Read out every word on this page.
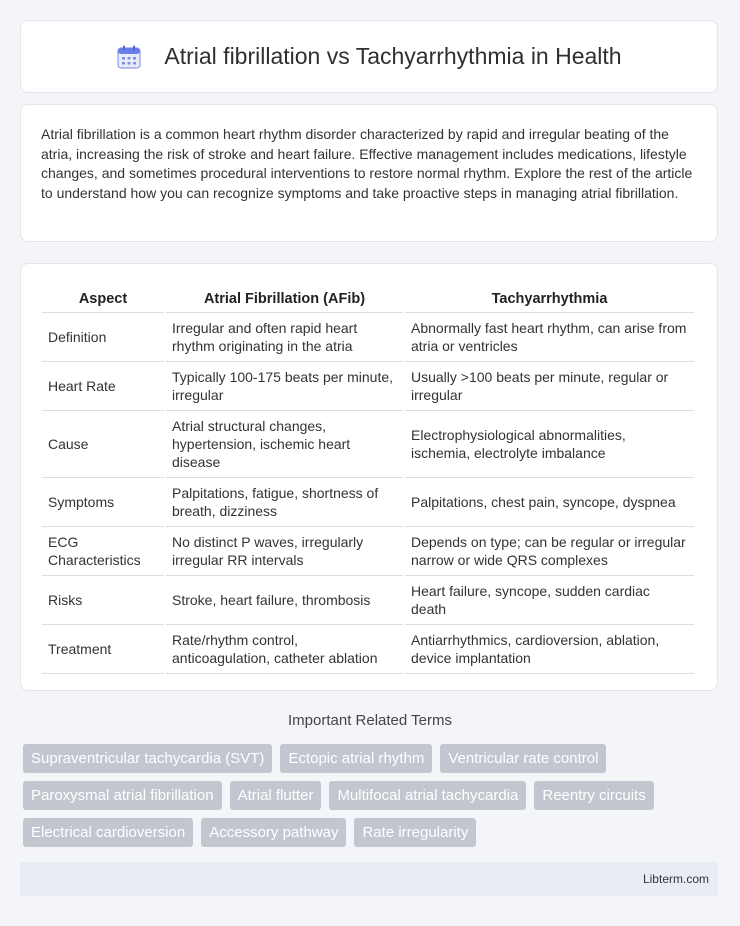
Atrial fibrillation vs Tachyarrhythmia in Health

Atrial fibrillation is a common heart rhythm disorder characterized by rapid and irregular beating of the atria, increasing the risk of stroke and heart failure. Effective management includes medications, lifestyle changes, and sometimes procedural interventions to restore normal rhythm. Explore the rest of the article to understand how you can recognize symptoms and take proactive steps in managing atrial fibrillation.

Aspect	Atrial Fibrillation (AFib)	Tachyarrhythmia
Definition	Irregular and often rapid heart rhythm originating in the atria	Abnormally fast heart rhythm, can arise from atria or ventricles
Heart Rate	Typically 100-175 beats per minute, irregular	Usually >100 beats per minute, regular or irregular
Cause	Atrial structural changes, hypertension, ischemic heart disease	Electrophysiological abnormalities, ischemia, electrolyte imbalance
Symptoms	Palpitations, fatigue, shortness of breath, dizziness	Palpitations, chest pain, syncope, dyspnea
ECG Characteristics	No distinct P waves, irregularly irregular RR intervals	Depends on type; can be regular or irregular narrow or wide QRS complexes
Risks	Stroke, heart failure, thrombosis	Heart failure, syncope, sudden cardiac death
Treatment	Rate/rhythm control, anticoagulation, catheter ablation	Antiarrhythmics, cardioversion, ablation, device implantation
Important Related Terms
Supraventricular tachycardia (SVT)	Ectopic atrial rhythm	Ventricular rate control
Paroxysmal atrial fibrillation	Atrial flutter	Multifocal atrial tachycardia	Reentry circuits
Electrical cardioversion	Accessory pathway	Rate irregularity
Libterm.com
